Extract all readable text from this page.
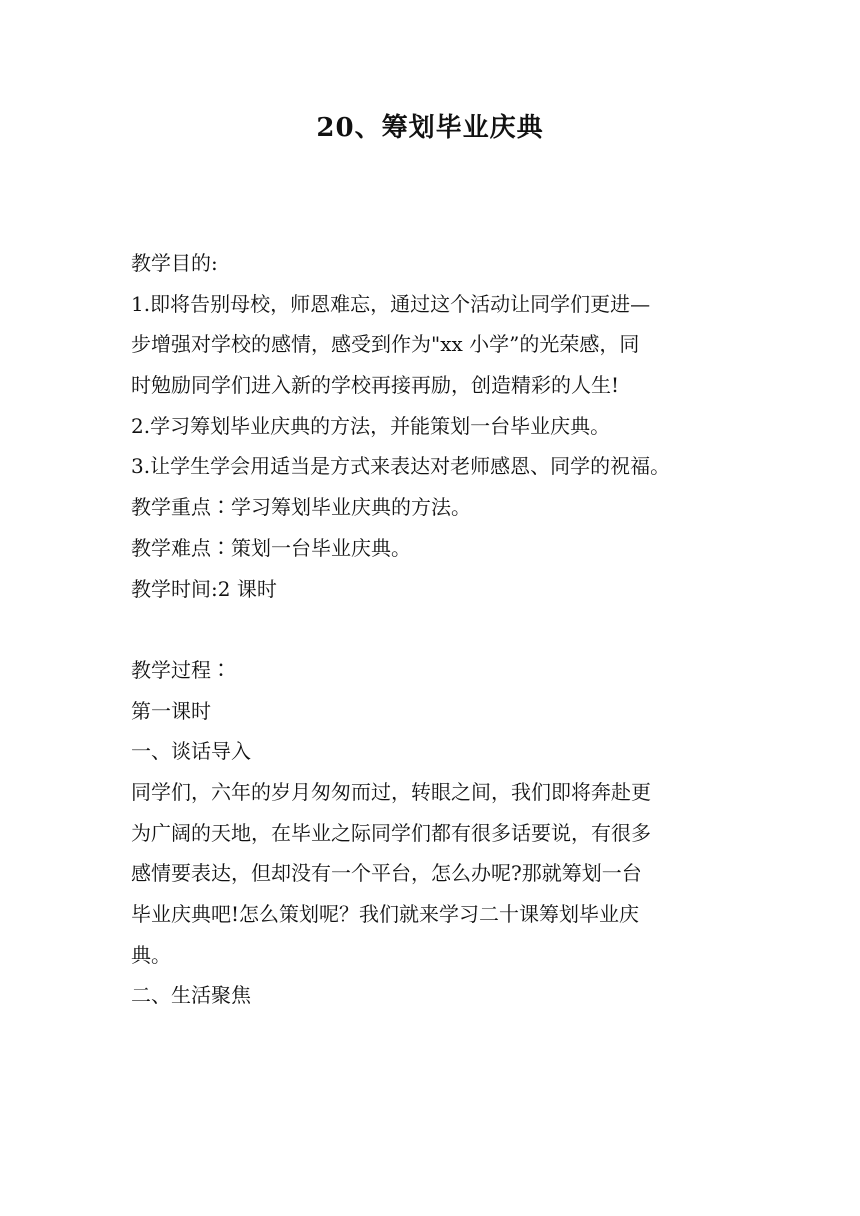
20、筹划毕业庆典
教学目的:
1.即将告别母校，师恩难忘，通过这个活动让同学们更进—
步增强对学校的感情，感受到作为"xx 小学”的光荣感，同
时勉励同学们进入新的学校再接再励，创造精彩的人生!
2.学习筹划毕业庆典的方法，并能策划一台毕业庆典。
3.让学生学会用适当是方式来表达对老师感恩、同学的祝福。
教学重点∶学习筹划毕业庆典的方法。
教学难点∶策划一台毕业庆典。
教学时间:2 课时
教学过程∶
第一课时
一、谈话导入
同学们，六年的岁月匆匆而过，转眼之间，我们即将奔赴更
为广阔的天地，在毕业之际同学们都有很多话要说，有很多
感情要表达，但却没有一个平台，怎么办呢?那就筹划一台
毕业庆典吧!怎么策划呢？我们就来学习二十课筹划毕业庆
典。
二、生活聚焦
